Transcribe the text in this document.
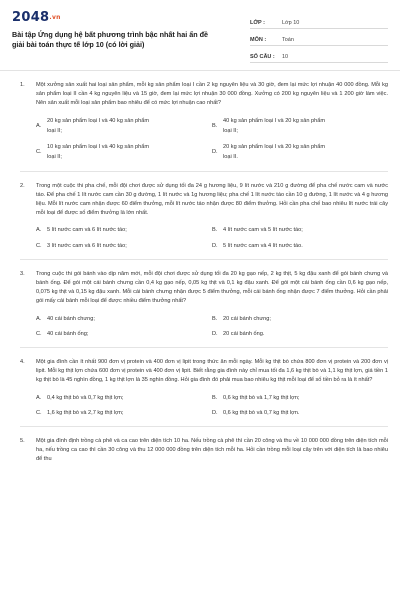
2048.vn
Bài tập Ứng dụng hệ bất phương trình bậc nhất hai ẩn đề giải bài toán thực tế lớp 10 (có lời giải)
LỚP :	Lớp 10
MÔN :	Toán
SỐ CÂU :	10
1.	Một xưởng sản xuất hai loại sản phẩm, mỗi kg sản phẩm loại I cần 2 kg nguyên liệu và 30 giờ, đem lại mức lợi nhuận 40 000 đồng. Mỗi kg sản phẩm loại II cần 4 kg nguyên liệu và 15 giờ, đem lại mức lợi nhuận 30 000 đồng. Xưởng có 200 kg nguyên liệu và 1 200 giờ làm việc. Nên sản xuất mỗi loại sản phẩm bao nhiêu để có mức lợi nhuận cao nhất?
A.
20 kg sản phẩm loại I và 40 kg sản phẩm loại II;
B.
40 kg sản phẩm loại I và 20 kg sản phẩm loại II;
C.
10 kg sản phẩm loại I và 40 kg sản phẩm loại II;
D.
20 kg sản phẩm loại I và 20 kg sản phẩm loại II.
2.	Trong một cuộc thi pha chế, mỗi đội chơi được sử dụng tối đa 24 g hương liệu, 9 lít nước và 210 g đường để pha chế nước cam và nước táo. Để pha chế 1 lít nước cam cần 30 g đường, 1 lít nước và 1g hương liệu; pha chế 1 lít nước táo cần 10 g đường, 1 lít nước và 4 g hương liệu. Mỗi lít nước cam nhận được 60 điểm thưởng, mỗi lít nước táo nhận được 80 điểm thưởng. Hỏi cần pha chế bao nhiêu lít nước trái cây mỗi loại để được số điểm thưởng là lớn nhất.
A.	5 lít nước cam và 6 lít nước táo;	B.	4 lít nước cam và 5 lít nước táo;
C. 3 lít nước cam và 6 lít nước táo;	D. 5 lít nước cam và 4 lít nước táo.
3.	Trong cuộc thi gói bánh vào dịp năm mới, mỗi đội chơi được sử dụng tối đa 20 kg gạo nếp, 2 kg thịt, 5 kg đậu xanh để gói bánh chưng và bánh ống. Để gói một cái bánh chưng cần 0,4 kg gạo nếp, 0,05 kg thịt và 0,1 kg đậu xanh. Để gói một cái bánh ống cần 0,6 kg gạo nếp, 0,075 kg thịt và 0,15 kg đậu xanh. Mỗi cái bánh chưng nhận được 5 điểm thưởng, mỗi cái bánh ống nhận được 7 điểm thưởng. Hỏi cần phải gói mấy cái bánh mỗi loại để được nhiều điểm thưởng nhất?
A.	40 cái bánh chưng;	B.	20 cái bánh chưng;
C. 40 cái bánh ống;	D. 20 cái bánh ống.
4.	Một gia đình cần ít nhất 900 đơn vị protein và 400 đơn vị lipit trong thức ăn mỗi ngày. Mỗi kg thịt bò chứa 800 đơn vị protein và 200 đơn vị lipit. Mỗi kg thịt lợn chứa 600 đơn vị protein và 400 đơn vị lipit. Biết rằng gia đình này chỉ mua tối đa 1,6 kg thịt bò và 1,1 kg thịt lợn, giá tiền 1 kg thịt bò là 45 nghìn đồng, 1 kg thịt lợn là 35 nghìn đồng. Hỏi gia đình đó phải mua bao nhiêu kg thịt mỗi loại để số tiền bỏ ra là ít nhất?
A.	0,4 kg thịt bò và 0,7 kg thịt lợn;	B.	0,6 kg thịt bò và 1,7 kg thịt lợn;
C. 1,6 kg thịt bò và 2,7 kg thịt lợn;	D. 0,6 kg thịt bò và 0,7 kg thịt lợn.
5.	Một gia đình định trồng cà phê và ca cao trên diện tích 10 ha. Nếu trồng cà phê thì cần 20 công và thu về 10 000 000 đồng trên diện tích mỗi ha, nếu trồng ca cao thì cần 30 công và thu 12 000 000 đồng trên diện tích mỗi ha. Hỏi cần trồng mỗi loại cây trên với diện tích là bao nhiêu để thu
